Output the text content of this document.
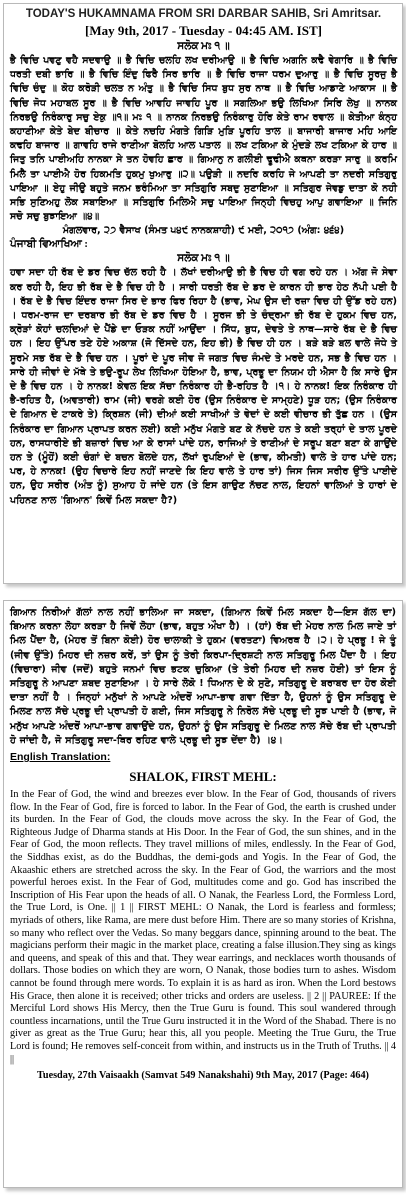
TODAY'S HUKAMNAMA FROM SRI DARBAR SAHIB, Sri Amritsar.
[May 9th, 2017 - Tuesday - 04:45 AM. IST]
ਸਲੋਕ ਮਃ ੧ ॥
ਭੈ ਵਿਚਿ ਪਵਣੁ ਵਹੈ ਸਦਵਾਉ ॥ ਭੈ ਵਿਚਿ ਚਲਹਿ ਲਖ ਦਰੀਆਉ ॥ ਭੈ ਵਿਚਿ ਅਗਨਿ ਕਢੈ ਵੇਗਾਰਿ ॥ ਭੈ ਵਿਚਿ ਧਰਤੀ ਦਬੀ ਭਾਰਿ ॥ ਭੈ ਵਿਚਿ ਇੰਦੁ ਫਿਰੈ ਸਿਰ ਭਾਰਿ ॥ ਭੈ ਵਿਚਿ ਰਾਜਾ ਧਰਮ ਦੁਆਰੁ ॥ ਭੈ ਵਿਚਿ ਸੂਰਜੁ ਭੈ ਵਿਚਿ ਚੰਦੁ ॥ ਕੋਹ ਕਰੋੜੀ ਚਲਤ ਨ ਅੰਤੁ ॥ ਭੈ ਵਿਚਿ ਸਿਧ ਬੁਧ ਸੁਰ ਨਾਥ ॥ ਭੈ ਵਿਚਿ ਆਡਾਣੇ ਆਕਾਸ ॥ ਭੈ ਵਿਚਿ ਜੋਧ ਮਹਾਬਲ ਸੂਰ ॥ ਭੈ ਵਿਚਿ ਆਵਹਿ ਜਾਵਹਿ ਪੂਰ ॥ ਸਗਲਿਆ ਭਉ ਲਿਖਿਆ ਸਿਰਿ ਲੇਖੁ ॥ ਨਾਨਕ ਨਿਰਭਉ ਨਿਰੰਕਾਰੁ ਸਚੁ ਏਕੁ ॥੧॥ ਮਃ ੧ ॥ ਨਾਨਕ ਨਿਰਭਉ ਨਿਰੰਕਾਰੁ ਹੋਰਿ ਕੇਤੇ ਰਾਮ ਰਵਾਲ ॥ ਕੇਤੀਆ ਕੰਨ੍ਹ ਕਹਾਣੀਆ ਕੇਤੇ ਬੇਦ ਬੀਚਾਰ ॥ ਕੇਤੇ ਨਚਹਿ ਮੰਗਤੇ ਗਿੜਿ ਮੁੜਿ ਪੂਰਹਿ ਤਾਲ ॥ ਬਾਜਾਰੀ ਬਾਜਾਰ ਮਹਿ ਆਇ ਕਢਹਿ ਬਾਜਾਰ ॥ ਗਾਵਹਿ ਰਾਜੇ ਰਾਣੀਆ ਬੋਲਹਿ ਆਲ ਪਤਾਲ ॥ ਲਖ ਟਕਿਆ ਕੇ ਮੁੰਦੜੇ ਲਖ ਟਕਿਆ ਕੇ ਹਾਰ ॥ ਜਿਤੁ ਤਨਿ ਪਾਈਅਹਿ ਨਾਨਕਾ ਸੇ ਤਨ ਹੋਵਹਿ ਛਾਰ ॥ ਗਿਆਨੁ ਨ ਗਲੀਈ ਢੂਢੀਐ ਕਥਨਾ ਕਰੜਾ ਸਾਰੁ ॥ ਕਰਮਿ ਮਿਲੈ ਤਾ ਪਾਈਐ ਹੋਰ ਹਿਕਮਤਿ ਹੁਕਮੁ ਖੁਆਰੁ ॥੨॥ ਪਉੜੀ ॥ ਨਦਰਿ ਕਰਹਿ ਜੇ ਆਪਣੀ ਤਾ ਨਦਰੀ ਸਤਿਗੁਰੁ ਪਾਇਆ ॥ ਏਹੁ ਜੀਉ ਬਹੁਤੇ ਜਨਮ ਭਰੰਮਿਆ ਤਾ ਸਤਿਗੁਰਿ ਸਬਦੁ ਸੁਣਾਇਆ ॥ ਸਤਿਗੁਰ ਜੇਵਡੁ ਦਾਤਾ ਕੋ ਨਹੀ ਸਭਿ ਸੁਣਿਅਹੁ ਲੋਕ ਸਬਾਇਆ ॥ ਸਤਿਗੁਰਿ ਮਿਲਿਐ ਸਚੁ ਪਾਇਆ ਜਿਨ੍ਹੀ ਵਿਚਹੁ ਆਪੁ ਗਵਾਇਆ ॥ ਜਿਨਿ ਸਚੋ ਸਚੁ ਬੁਝਾਇਆ ॥੪॥
ਮੰਗਲਵਾਰ, ੨੭ ਵੈਸਾਖ (ਸੰਮਤ ੫੪੯ ਨਾਨਕਸ਼ਾਹੀ) ੯ ਮਈ, ੨੦੧੭ (ਅੰਗ: ੪੬੪)
ਪੰਜਾਬੀ ਵਿਆਖਿਆ :
ਸਲੋਕ ਮਃ ੧ ॥
ਹਵਾ ਸਦਾ ਹੀ ਰੱਬ ਦੇ ਡਰ ਵਿਚ ਚੱਲ ਰਹੀ ਹੈ । ਲੱਖਾਂ ਦਰੀਆਉ ਭੀ ਭੈ ਵਿਚ ਹੀ ਵਗ ਰਹੇ ਹਨ । ਅੱਗ ਜੋ ਸੇਵਾ ਕਰ ਰਹੀ ਹੈ, ਇਹ ਭੀ ਰੱਬ ਦੇ ਭੈ ਵਿਚ ਹੀ ਹੈ । ਸਾਰੀ ਧਰਤੀ ਰੱਬ ਦੇ ਡਰ ਦੇ ਕਾਰਨ ਹੀ ਭਾਰ ਹੇਠ ਨੱਪੀ ਪਈ ਹੈ । ਰੱਬ ਦੇ ਭੈ ਵਿਚ ਇੰਦਰ ਰਾਜਾ ਸਿਰ ਦੇ ਭਾਰ ਫਿਰ ਰਿਹਾ ਹੈ (ਭਾਵ, ਮੇਘ ਉਸ ਦੀ ਰਜ਼ਾ ਵਿਚ ਹੀ ਉੱਡ ਰਹੇ ਹਨ) । ਧਰਮ-ਰਾਜ ਦਾ ਦਰਬਾਰ ਭੀ ਰੱਬ ਦੇ ਡਰ ਵਿਚ ਹੈ । ਸੂਰਜ ਭੀ ਤੇ ਚੰਦ੍ਰਮਾ ਭੀ ਰੱਬ ਦੇ ਹੁਕਮ ਵਿਚ ਹਨ, ਕ੍ਰੋੜਾਂ ਕੋਹਾਂ ਚਲਦਿਆਂ ਦੇ ਪੈਂਡੇ ਦਾ ਓੜਕ ਨਹੀਂ ਆਉਂਦਾ । ਸਿੱਧ, ਬੁਧ, ਦੇਵਤੇ ਤੇ ਨਾਥ—ਸਾਰੇ ਰੱਬ ਦੇ ਭੈ ਵਿਚ ਹਨ । ਇਹ ਉੱਪਰ ਤਣੇ ਹੋਏ ਅਕਾਸ਼ (ਜੋ ਦਿੱਸਦੇ ਹਨ, ਇਹ ਭੀ) ਭੈ ਵਿਚ ਹੀ ਹਨ । ਬੜੇ ਬੜੇ ਬਲ ਵਾਲੇ ਜੋਧੇ ਤੇ ਸੂਰਮੇ ਸਭ ਰੱਬ ਦੇ ਭੈ ਵਿਚ ਹਨ । ਪੂਰਾਂ ਦੇ ਪੂਰ ਜੀਵ ਜੋ ਜਗਤ ਵਿਚ ਜੰਮਦੇ ਤੇ ਮਰਦੇ ਹਨ, ਸਭ ਭੈ ਵਿਚ ਹਨ । ਸਾਰੇ ਹੀ ਜੀਵਾਂ ਦੇ ਮੱਥੇ ਤੇ ਭਉ-ਰੂਪ ਲੇਖ ਲਿਖਿਆ ਹੋਇਆ ਹੈ, ਭਾਵ, ਪ੍ਰਭੂ ਦਾ ਨਿਯਮ ਹੀ ਐਸਾ ਹੈ ਕਿ ਸਾਰੇ ਉਸ ਦੇ ਭੈ ਵਿਚ ਹਨ । ਹੇ ਨਾਨਕ! ਕੇਵਲ ਇਕ ਸੱਚਾ ਨਿਰੰਕਾਰ ਹੀ ਭੈ-ਰਹਿਤ ਹੈ ।੧। ਹੇ ਨਾਨਕ! ਇਕ ਨਿਰੰਕਾਰ ਹੀ ਭੈ-ਰਹਿਤ ਹੈ, (ਅਵਤਾਰੀ) ਰਾਮ (ਜੀ) ਵਰਗੇ ਕਈ ਹੋਰ (ਉਸ ਨਿਰੰਕਾਰ ਦੇ ਸਾਮ੍ਹਣੇ) ਧੂੜ ਹਨ; (ਉਸ ਨਿਰੰਕਾਰ ਦੇ ਗਿਆਨ ਦੇ ਟਾਕਰੇ ਤੇ) ਕ੍ਰਿਸ਼ਨ (ਜੀ) ਦੀਆਂ ਕਈ ਸਾਖੀਆਂ ਤੇ ਵੇਦਾਂ ਦੇ ਕਈ ਵੀਚਾਰ ਭੀ ਤੁੱਛ ਹਨ । (ਉਸ ਨਿਰੰਕਾਰ ਦਾ ਗਿਆਨ ਪ੍ਰਾਪਤ ਕਰਨ ਲਈ) ਕਈ ਮਨੁੱਖ ਮੰਗਤੇ ਬਣ ਕੇ ਨੱਚਦੇ ਹਨ ਤੇ ਕਈ ਤਰ੍ਹਾਂ ਦੇ ਤਾਲ ਪੂਰਦੇ ਹਨ, ਰਾਸਧਾਰੀਏ ਭੀ ਬਜ਼ਾਰਾਂ ਵਿਚ ਆ ਕੇ ਰਾਸਾਂ ਪਾਂਦੇ ਹਨ, ਰਾਜਿਆਂ ਤੇ ਰਾਣੀਆਂ ਦੇ ਸਰੂਪ ਬਣਾ ਬਣਾ ਕੇ ਗਾਉਂਦੇ ਹਨ ਤੇ (ਮੂੰਹੋਂ) ਕਈ ਚੰਗਾਂ ਦੇ ਬਚਨ ਬੋਲਦੇ ਹਨ, ਲੱਖਾਂ ਰੁਪਇਆਂ ਦੇ (ਭਾਵ, ਕੀਮਤੀ) ਵਾਲੇ ਤੇ ਹਾਰ ਪਾਂਦੇ ਹਨ; ਪਰ, ਹੇ ਨਾਨਕ! (ਉਹ ਵਿਚਾਰੇ ਇਹ ਨਹੀਂ ਜਾਣਦੇ ਕਿ ਇਹ ਵਾਲੇ ਤੇ ਹਾਰ ਤਾਂ) ਜਿਸ ਜਿਸ ਸਰੀਰ ਉੱਤੇ ਪਾਈਦੇ ਹਨ, ਉਹ ਸਰੀਰ (ਅੰਤ ਨੂੰ) ਸੁਆਹ ਹੋ ਜਾਂਦੇ ਹਨ (ਤੇ ਇਸ ਗਾਉਣ ਨੱਚਣ ਨਾਲ, ਇਹਨਾਂ ਵਾਲਿਆਂ ਤੇ ਹਾਰਾਂ ਦੇ ਪਹਿਨਣ ਨਾਲ 'ਗਿਆਨ' ਕਿਵੇਂ ਮਿਲ ਸਕਦਾ ਹੈ?)
ਗਿਆਨ ਨਿਰੀਆਂ ਗੱਲਾਂ ਨਾਲ ਨਹੀਂ ਭਾਲਿਆ ਜਾ ਸਕਦਾ, (ਗਿਆਨ ਕਿਵੇਂ ਮਿਲ ਸਕਦਾ ਹੈ—ਇਸ ਗੱਲ ਦਾ) ਬਿਆਨ ਕਰਨਾ ਲੋਹਾ ਕਰੜਾ ਹੈ ਜਿਵੇਂ ਲੋਹਾ (ਭਾਵ, ਬਹੁਤ ਔਖਾ ਹੈ) । (ਹਾਂ) ਰੱਬ ਦੀ ਮੇਹਰ ਨਾਲ ਮਿਲ ਜਾਏ ਤਾਂ ਮਿਲ ਪੈਂਦਾ ਹੈ, (ਮੇਹਰ ਤੋਂ ਬਿਨਾ ਕੋਈ) ਹੋਰ ਚਾਲਾਕੀ ਤੇ ਹੁਕਮ (ਵਰਤਣਾ) ਵਿਅਰਥ ਹੈ ।੨। ਹੇ ਪ੍ਰਭੂ ! ਜੇ ਤੂੰ (ਜੀਵ ਉੱਤੇ) ਮਿਹਰ ਦੀ ਨਜ਼ਰ ਕਰੇਂ, ਤਾਂ ਉਸ ਨੂੰ ਤੇਰੀ ਕਿਰਪਾ-ਦ੍ਰਿਸ਼ਟੀ ਨਾਲ ਸਤਿਗੁਰੂ ਮਿਲ ਪੈਂਦਾ ਹੈ । ਇਹ (ਵਿਚਾਰਾ) ਜੀਵ (ਜਦੋਂ) ਬਹੁਤੇ ਜਨਮਾਂ ਵਿਚ ਭਟਕ ਚੁਕਿਆ (ਤੇ ਤੇਰੀ ਮਿਹਰ ਦੀ ਨਜ਼ਰ ਹੋਈ) ਤਾਂ ਇਸ ਨੂੰ ਸਤਿਗੁਰੂ ਨੇ ਆਪਣਾ ਸ਼ਬਦ ਸੁਣਾਇਆ । ਹੇ ਸਾਰੇ ਲੋਕੋ ! ਧਿਆਨ ਦੇ ਕੇ ਸੁਣੋ, ਸਤਿਗੁਰੂ ਦੇ ਬਰਾਬਰ ਦਾ ਹੋਰ ਕੋਈ ਦਾਤਾ ਨਹੀਂ ਹੈ । ਜਿਨ੍ਹਾਂ ਮਨੁੱਖਾਂ ਨੇ ਆਪਣੇ ਅੰਦਰੋਂ ਆਪਾ-ਭਾਵ ਗਵਾ ਦਿੱਤਾ ਹੈ, ਉਹਨਾਂ ਨੂੰ ਉਸ ਸਤਿਗੁਰੂ ਦੇ ਮਿਲਣ ਨਾਲ ਸੱਚੇ ਪ੍ਰਭੂ ਦੀ ਪ੍ਰਾਪਤੀ ਹੋ ਗਈ, ਜਿਸ ਸਤਿਗੁਰੂ ਨੇ ਨਿਰੋਲ ਸੱਚੇ ਪ੍ਰਭੂ ਦੀ ਸੂਝ ਪਾਈ ਹੈ (ਭਾਵ, ਜੋ ਮਨੁੱਖ ਆਪਣੇ ਅੰਦਰੋਂ ਆਪਾ-ਭਾਵ ਗਵਾਉਂਦੇ ਹਨ, ਉਹਨਾਂ ਨੂੰ ਉਸ ਸਤਿਗੁਰੂ ਦੇ ਮਿਲਣ ਨਾਲ ਸੱਚੇ ਰੱਬ ਦੀ ਪ੍ਰਾਪਤੀ ਹੋ ਜਾਂਦੀ ਹੈ, ਜੋ ਸਤਿਗੁਰੂ ਸਦਾ-ਥਿਰ ਰਹਿਣ ਵਾਲੇ ਪ੍ਰਭੂ ਦੀ ਸੂਝ ਦੇਂਦਾ ਹੈ) ।੪।
English Translation:
SHALOK, FIRST MEHL:
In the Fear of God, the wind and breezes ever blow. In the Fear of God, thousands of rivers flow. In the Fear of God, fire is forced to labor. In the Fear of God, the earth is crushed under its burden. In the Fear of God, the clouds move across the sky. In the Fear of God, the Righteous Judge of Dharma stands at His Door. In the Fear of God, the sun shines, and in the Fear of God, the moon reflects. They travel millions of miles, endlessly. In the Fear of God, the Siddhas exist, as do the Buddhas, the demi-gods and Yogis. In the Fear of God, the Akaashic ethers are stretched across the sky. In the Fear of God, the warriors and the most powerful heroes exist. In the Fear of God, multitudes come and go. God has inscribed the Inscription of His Fear upon the heads of all. O Nanak, the Fearless Lord, the Formless Lord, the True Lord, is One. || 1 || FIRST MEHL: O Nanak, the Lord is fearless and formless; myriads of others, like Rama, are mere dust before Him. There are so many stories of Krishna, so many who reflect over the Vedas. So many beggars dance, spinning around to the beat. The magicians perform their magic in the market place, creating a false illusion.They sing as kings and queens, and speak of this and that. They wear earrings, and necklaces worth thousands of dollars. Those bodies on which they are worn, O Nanak, those bodies turn to ashes. Wisdom cannot be found through mere words. To explain it is as hard as iron. When the Lord bestows His Grace, then alone it is received; other tricks and orders are useless. || 2 || PAUREE: If the Merciful Lord shows His Mercy, then the True Guru is found. This soul wandered through countless incarnations, until the True Guru instructed it in the Word of the Shabad. There is no giver as great as the True Guru; hear this, all you people. Meeting the True Guru, the True Lord is found; He removes self-conceit from within, and instructs us in the Truth of Truths. || 4 ||
Tuesday, 27th Vaisaakh (Samvat 549 Nanakshahi) 9th May, 2017 (Page: 464)
